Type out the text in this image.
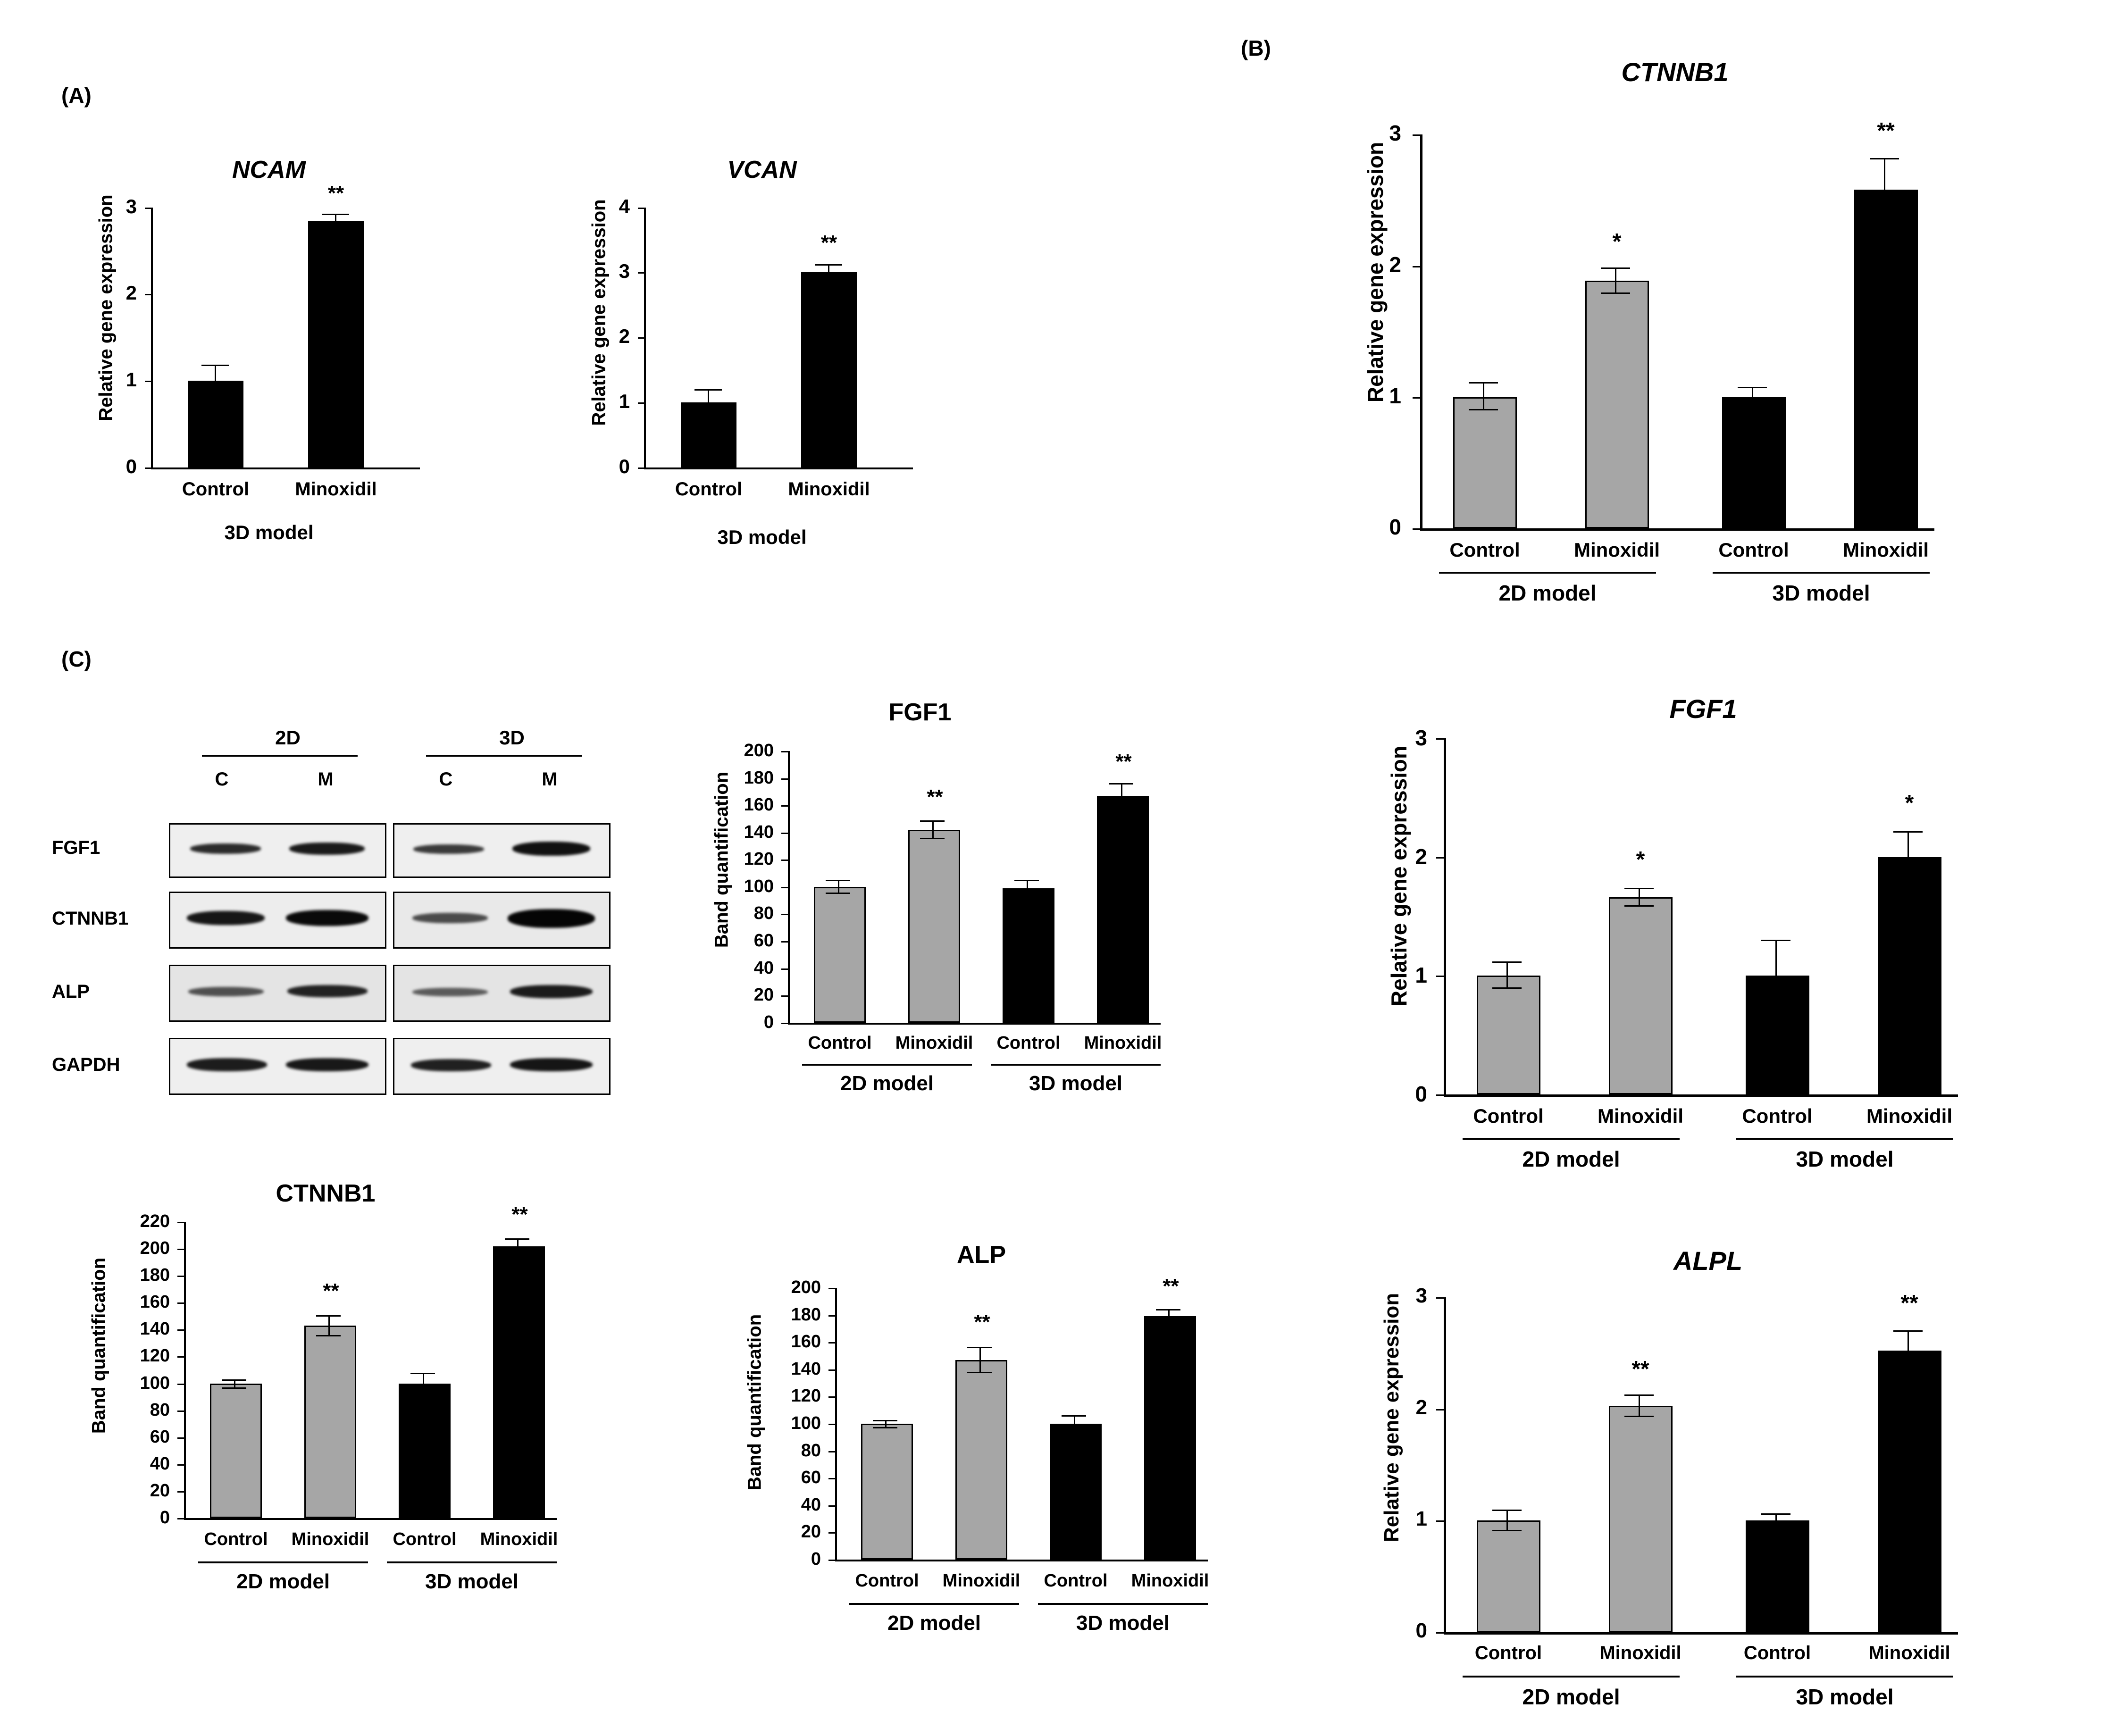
(A)
(B)
(C)
2D	3D
C	M	C	M
FGF1
CTNNB1
ALP
GAPDH
NCAM
Relative gene expression
0
1
2
3
**
Control	Minoxidil
3D model
VCAN
Relative gene expression
0
1
2
3
4
**
Control	Minoxidil
3D model
CTNNB1
Relative gene expression
0
1
2
3
*
**
Control	Minoxidil	Control	Minoxidil
2D model	3D model
FGF1
Band quantification
0
20
40
60
80
100
120
140
160
180
200
**
**
Control	Minoxidil	Control	Minoxidil
2D model	3D model
FGF1
Relative gene expression
0
1
2
3
*
*
Control	Minoxidil	Control	Minoxidil
2D model	3D model
CTNNB1
Band quantification
0
20
40
60
80
100
120
140
160
180
200
220
**
**
Control	Minoxidil	Control	Minoxidil
2D model	3D model
ALP
Band quantification
0
20
40
60
80
100
120
140
160
180
200
**
**
Control	Minoxidil	Control	Minoxidil
2D model	3D model
ALPL
Relative gene expression
0
1
2
3
**
**
Control	Minoxidil	Control	Minoxidil
2D model	3D model
